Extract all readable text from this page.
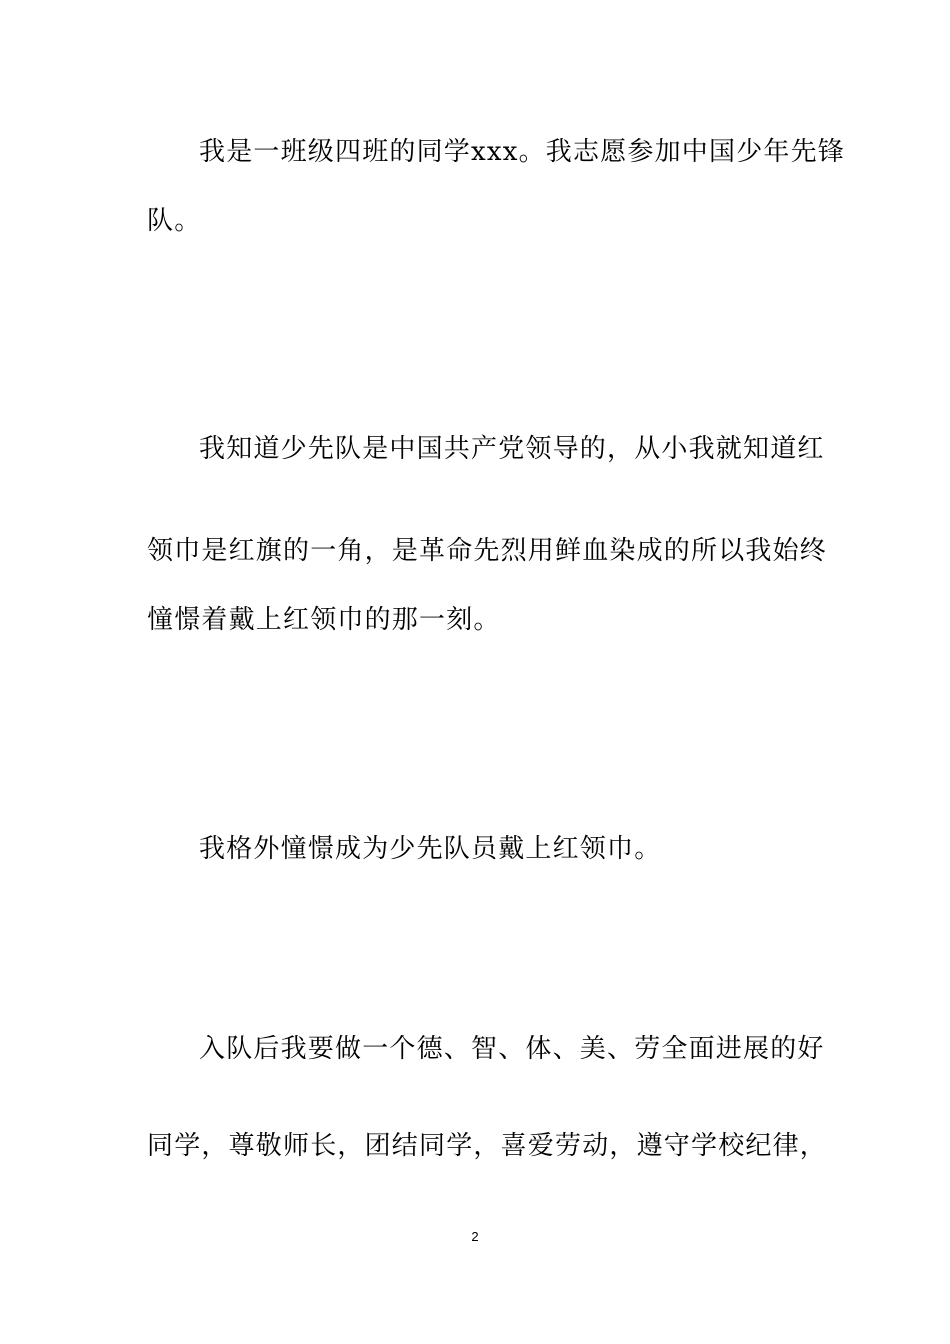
我是一班级四班的同学xxx。我志愿参加中国少年先锋
队。
我知道少先队是中国共产党领导的，从小我就知道红
领巾是红旗的一角，是革命先烈用鲜血染成的所以我始终
憧憬着戴上红领巾的那一刻。
我格外憧憬成为少先队员戴上红领巾。
入队后我要做一个德、智、体、美、劳全面进展的好
同学，尊敬师长，团结同学，喜爱劳动，遵守学校纪律，
2
